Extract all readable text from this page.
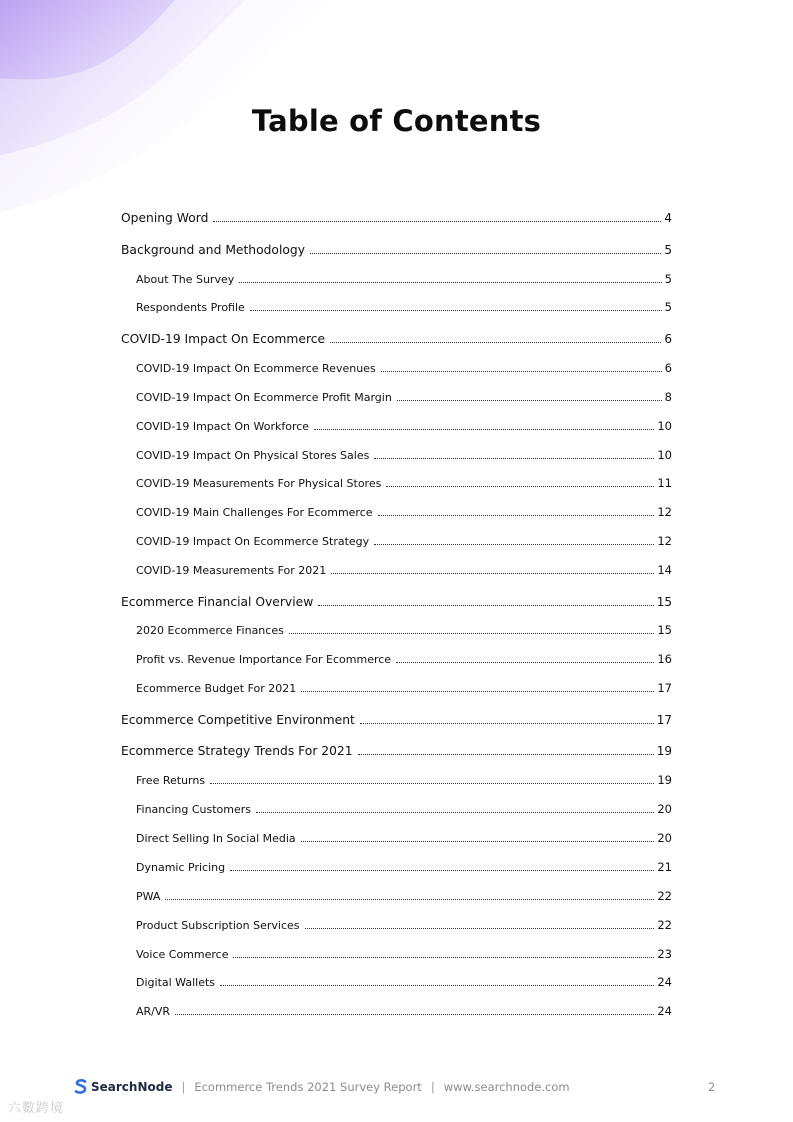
Table of Contents
Opening Word	4
Background and Methodology	5
About The Survey	5
Respondents Profile	5
COVID-19 Impact On Ecommerce	6
COVID-19 Impact On Ecommerce Revenues	6
COVID-19 Impact On Ecommerce Profit Margin	8
COVID-19 Impact On Workforce	10
COVID-19 Impact On Physical Stores Sales	10
COVID-19 Measurements For Physical Stores	11
COVID-19 Main Challenges For Ecommerce	12
COVID-19 Impact On Ecommerce Strategy	12
COVID-19 Measurements For 2021	14
Ecommerce Financial Overview	15
2020 Ecommerce Finances	15
Profit vs. Revenue Importance For Ecommerce	16
Ecommerce Budget For 2021	17
Ecommerce Competitive Environment	17
Ecommerce Strategy Trends For 2021	19
Free Returns	19
Financing Customers	20
Direct Selling In Social Media	20
Dynamic Pricing	21
PWA	22
Product Subscription Services	22
Voice Commerce	23
Digital Wallets	24
AR/VR	24
SearchNode | Ecommerce Trends 2021 Survey Report | www.searchnode.com	2
六數跨境
